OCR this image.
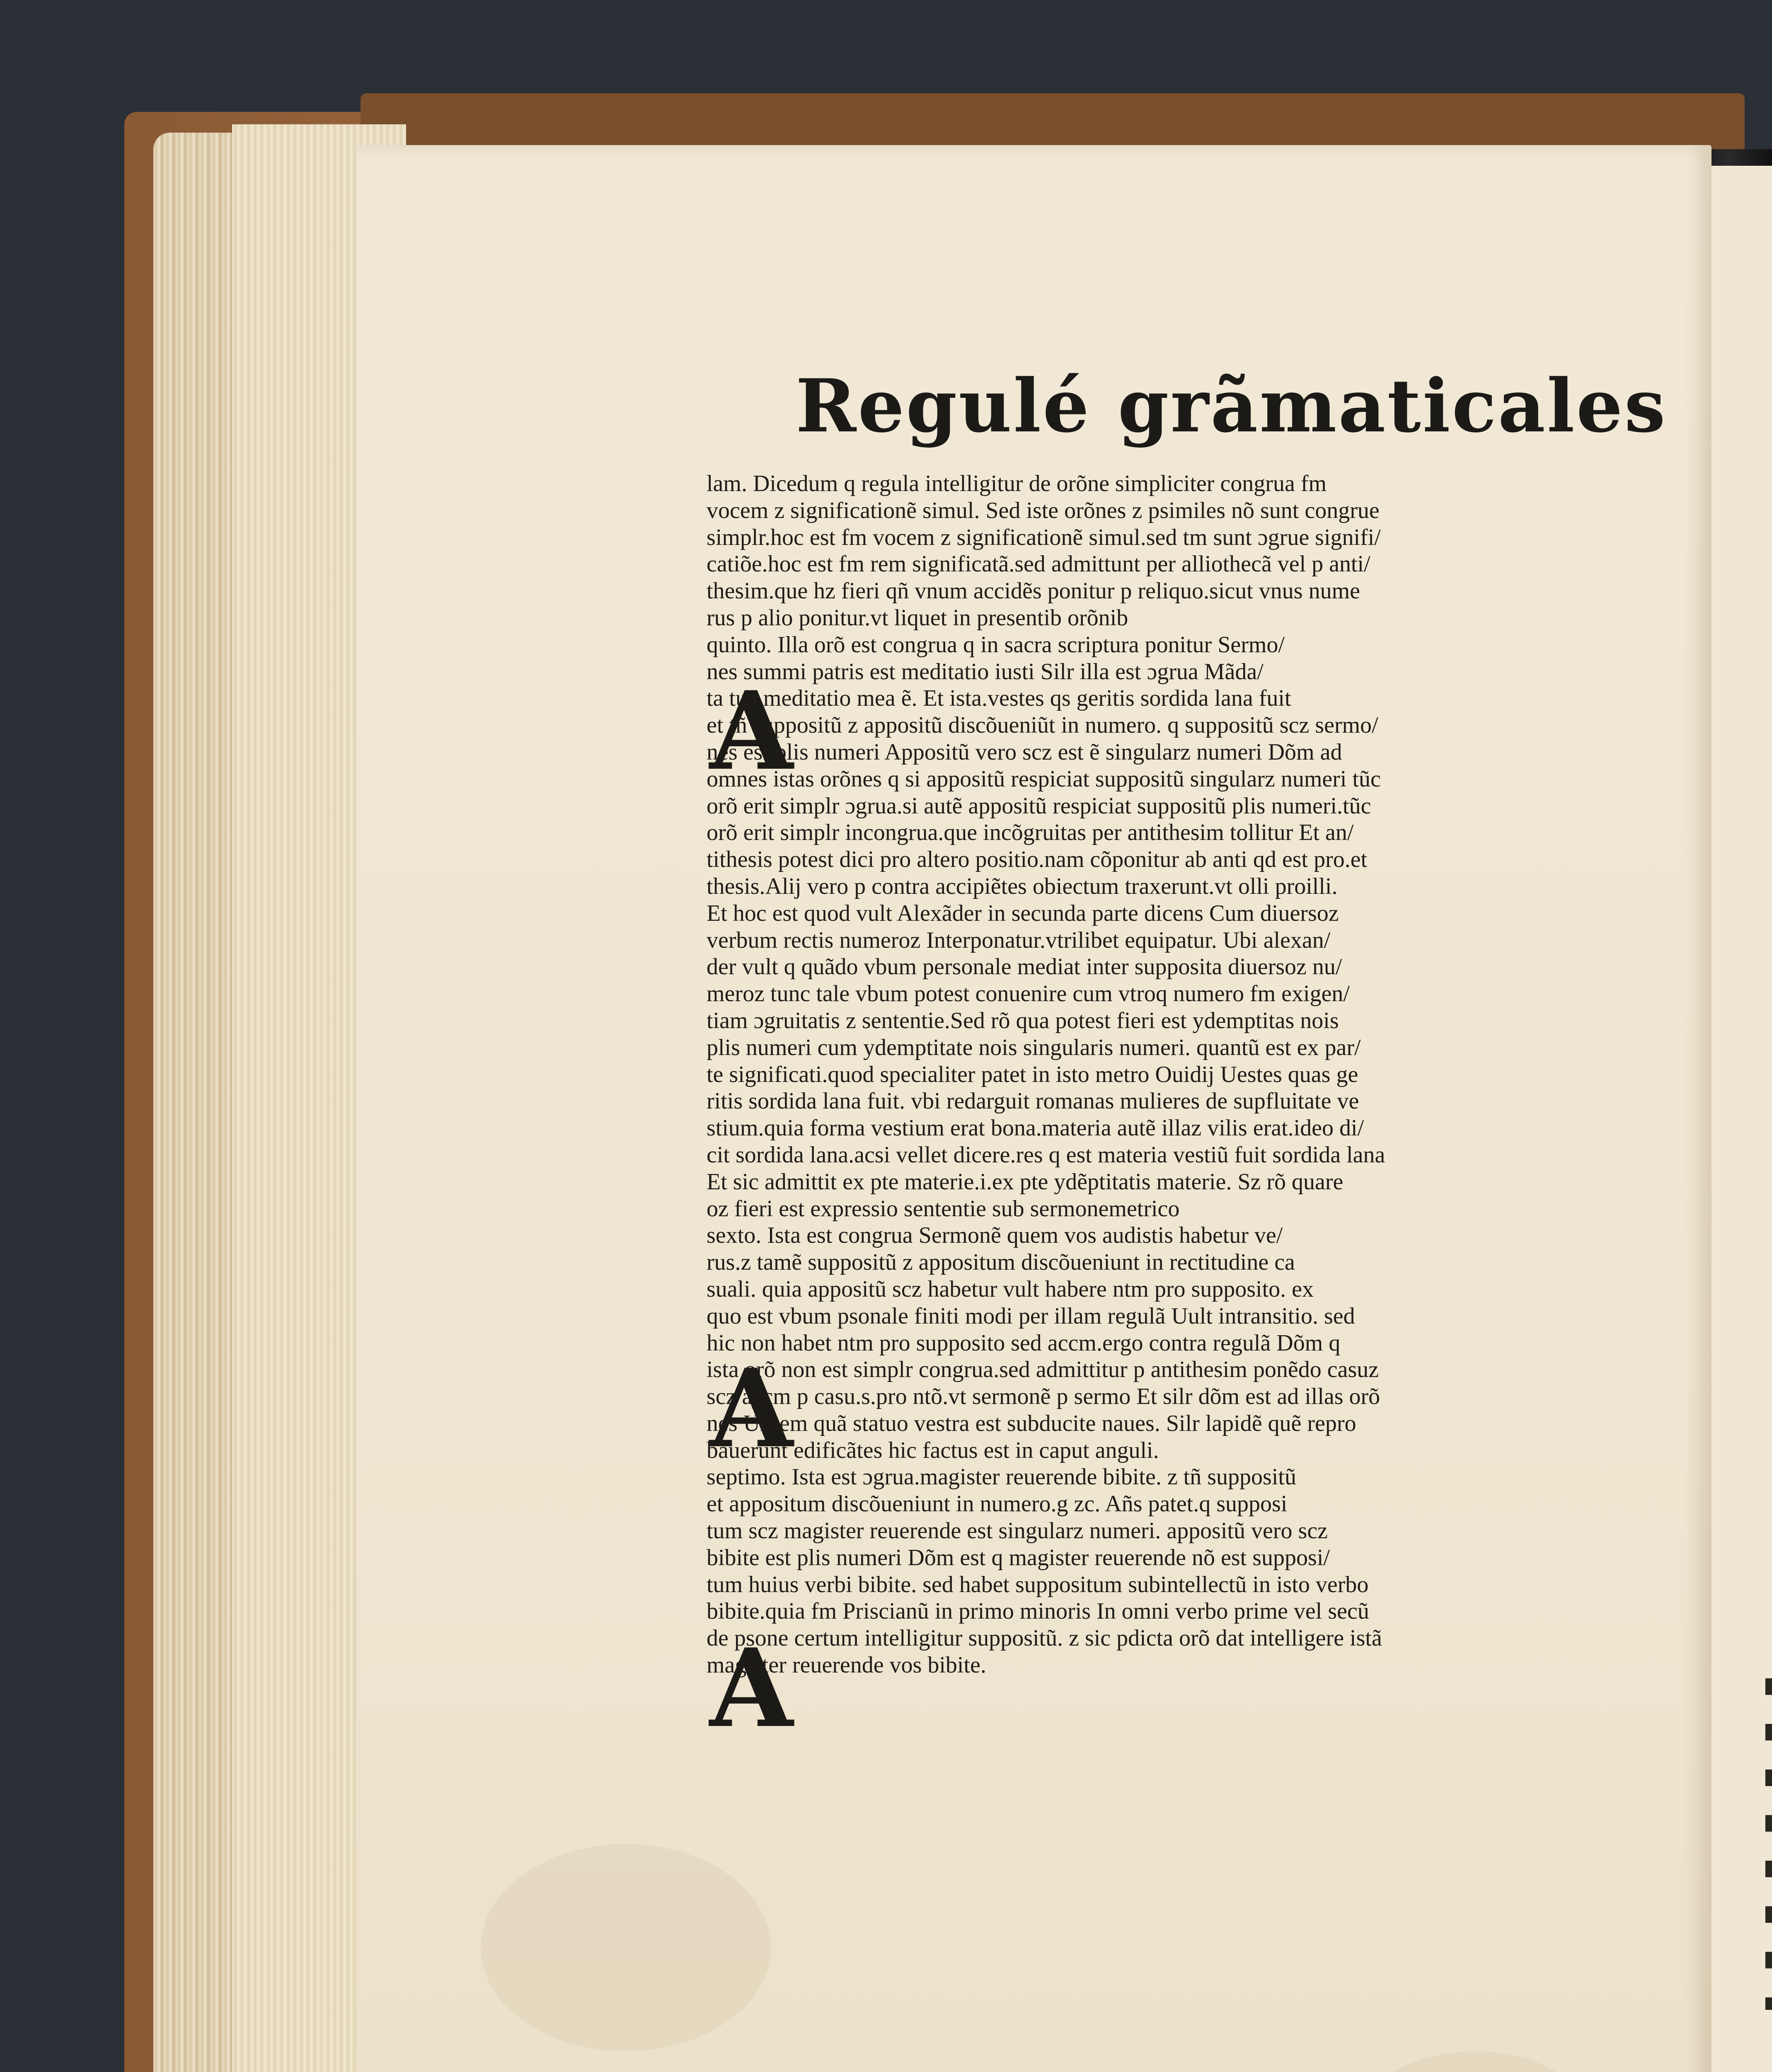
Regulé grãmaticales
A
A
A
lam. Dicedum q regula intelligitur de orõne simpliciter congrua fm
vocem z significationẽ simul. Sed iste orõnes z psimiles nõ sunt congrue
simplr.hoc est fm vocem z significationẽ simul.sed tm sunt ɔgrue signifi/
catiõe.hoc est fm rem significatã.sed admittunt per alliothecã vel p anti/
thesim.que hz fieri qñ vnum accidẽs ponitur p reliquo.sicut vnus nume
rus p alio ponitur.vt liquet in presentib orõnib
quinto. Illa orõ est congrua q in sacra scriptura ponitur Sermo/
nes summi patris est meditatio iusti Silr illa est ɔgrua Mãda/
ta tua meditatio mea ẽ. Et ista.vestes qs geritis sordida lana fuit
et tñ suppositũ z appositũ discõueniũt in numero. q suppositũ scz sermo/
nes est plis numeri Appositũ vero scz est ẽ singularz numeri Dõm ad
omnes istas orõnes q si appositũ respiciat suppositũ singularz numeri tũc
orõ erit simplr ɔgrua.si autẽ appositũ respiciat suppositũ plis numeri.tũc
orõ erit simplr incongrua.que incõgruitas per antithesim tollitur Et an/
tithesis potest dici pro altero positio.nam cõponitur ab anti qd est pro.et
thesis.Alij vero p contra accipiẽtes obiectum traxerunt.vt olli proilli.
Et hoc est quod vult Alexãder in secunda parte dicens Cum diuersoz
verbum rectis numeroz Interponatur.vtrilibet equipatur. Ubi alexan/
der vult q quãdo vbum personale mediat inter supposita diuersoz nu/
meroz tunc tale vbum potest conuenire cum vtroq numero fm exigen/
tiam ɔgruitatis z sententie.Sed rõ qua potest fieri est ydemptitas nois
plis numeri cum ydemptitate nois singularis numeri. quantũ est ex par/
te significati.quod specialiter patet in isto metro Ouidij Uestes quas ge
ritis sordida lana fuit. vbi redarguit romanas mulieres de supfluitate ve
stium.quia forma vestium erat bona.materia autẽ illaz vilis erat.ideo di/
cit sordida lana.acsi vellet dicere.res q est materia vestiũ fuit sordida lana
Et sic admittit ex pte materie.i.ex pte ydẽptitatis materie. Sz rõ quare
oz fieri est expressio sententie sub sermonemetrico
sexto. Ista est congrua Sermonẽ quem vos audistis habetur ve/
rus.z tamẽ suppositũ z appositum discõueniunt in rectitudine ca
suali. quia appositũ scz habetur vult habere ntm pro supposito. ex
quo est vbum psonale finiti modi per illam regulã Uult intransitio. sed
hic non habet ntm pro supposito sed accm.ergo contra regulã Dõm q
ista orõ non est simplr congrua.sed admittitur p antithesim ponẽdo casuz
scz accm p casu.s.pro ntõ.vt sermonẽ p sermo Et silr dõm est ad illas orõ
nes Urbem quã statuo vestra est subducite naues. Silr lapidẽ quẽ repro
bauerunt edificãtes hic factus est in caput anguli.
septimo. Ista est ɔgrua.magister reuerende bibite. z tñ suppositũ
et appositum discõueniunt in numero.g zc. Añs patet.q supposi
tum scz magister reuerende est singularz numeri. appositũ vero scz
bibite est plis numeri Dõm est q magister reuerende nõ est supposi/
tum huius verbi bibite. sed habet suppositum subintellectũ in isto verbo
bibite.quia fm Priscianũ in primo minoris In omni verbo prime vel secũ
de psone certum intelligitur suppositũ. z sic pdicta orõ dat intelligere istã
magister reuerende vos bibite.
